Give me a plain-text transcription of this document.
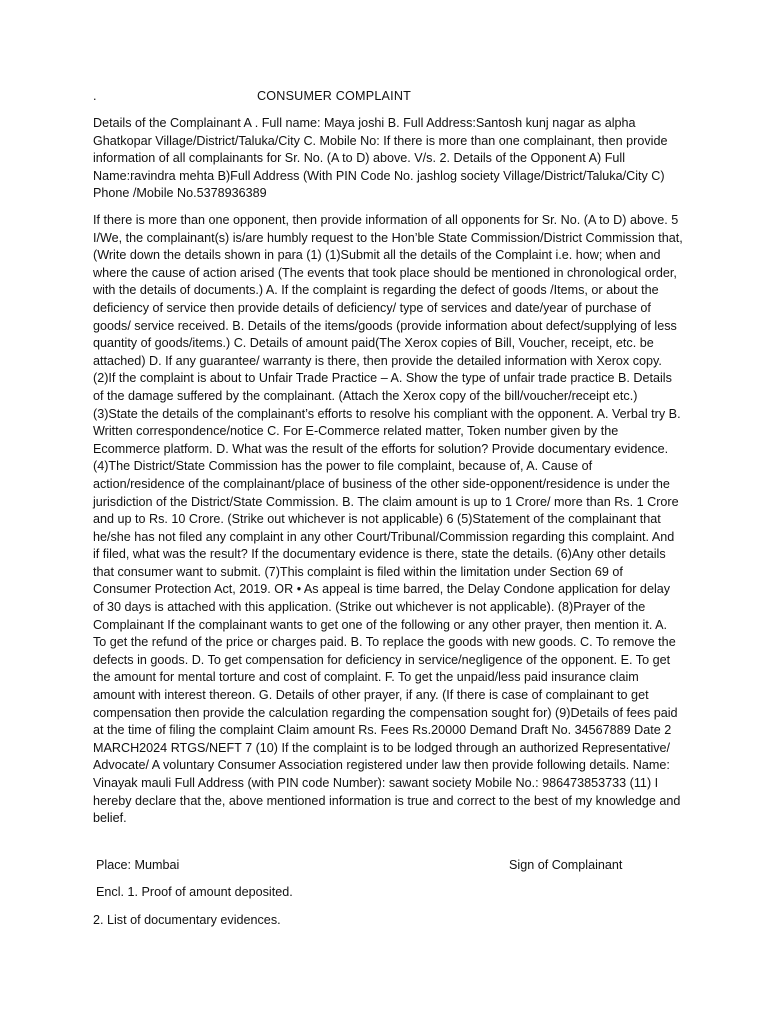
.	CONSUMER COMPLAINT

Details of the Complainant A . Full name: Maya joshi B. Full Address:Santosh kunj nagar as alpha Ghatkopar Village/District/Taluka/City C. Mobile No: If there is more than one complainant, then provide information of all complainants for Sr. No. (A to D) above. V/s. 2. Details of the Opponent A) Full Name:ravindra mehta B)Full Address (With PIN Code No. jashlog society Village/District/Taluka/City C) Phone /Mobile No.5378936389

If there is more than one opponent, then provide information of all opponents for Sr. No. (A to D) above. 5 I/We, the complainant(s) is/are humbly request to the Hon’ble State Commission/District Commission that, (Write down the details shown in para (1) (1)Submit all the details of the Complaint i.e. how; when and where the cause of action arised (The events that took place should be mentioned in chronological order, with the details of documents.) A. If the complaint is regarding the defect of goods /Items, or about the deficiency of service then provide details of deficiency/ type of services and date/year of purchase of goods/ service received. B. Details of the items/goods (provide information about defect/supplying of less quantity of goods/items.) C. Details of amount paid(The Xerox copies of Bill, Voucher, receipt, etc. be attached) D. If any guarantee/ warranty is there, then provide the detailed information with Xerox copy. (2)If the complaint is about to Unfair Trade Practice – A. Show the type of unfair trade practice B. Details of the damage suffered by the complainant. (Attach the Xerox copy of the bill/voucher/receipt etc.) (3)State the details of the complainant’s efforts to resolve his compliant with the opponent. A. Verbal try B. Written correspondence/notice C. For E-Commerce related matter, Token number given by the Ecommerce platform. D. What was the result of the efforts for solution? Provide documentary evidence. (4)The District/State Commission has the power to file complaint, because of, A. Cause of action/residence of the complainant/place of business of the other side-opponent/residence is under the jurisdiction of the District/State Commission. B. The claim amount is up to 1 Crore/ more than Rs. 1 Crore and up to Rs. 10 Crore. (Strike out whichever is not applicable) 6 (5)Statement of the complainant that he/she has not filed any complaint in any other Court/Tribunal/Commission regarding this complaint. And if filed, what was the result? If the documentary evidence is there, state the details. (6)Any other details that consumer want to submit. (7)This complaint is filed within the limitation under Section 69 of Consumer Protection Act, 2019. OR • As appeal is time barred, the Delay Condone application for delay of 30 days is attached with this application. (Strike out whichever is not applicable). (8)Prayer of the Complainant If the complainant wants to get one of the following or any other prayer, then mention it. A. To get the refund of the price or charges paid. B. To replace the goods with new goods. C. To remove the defects in goods. D. To get compensation for deficiency in service/negligence of the opponent. E. To get the amount for mental torture and cost of complaint. F. To get the unpaid/less paid insurance claim amount with interest thereon. G. Details of other prayer, if any. (If there is case of complainant to get compensation then provide the calculation regarding the compensation sought for) (9)Details of fees paid at the time of filing the complaint Claim amount Rs. Fees Rs.20000 Demand Draft No. 34567889 Date 2 MARCH2024 RTGS/NEFT 7 (10) If the complaint is to be lodged through an authorized Representative/ Advocate/ A voluntary Consumer Association registered under law then provide following details. Name: Vinayak mauli Full Address (with PIN code Number): sawant society Mobile No.: 986473853733 (11) I hereby declare that the, above mentioned information is true and correct to the best of my knowledge and belief.

Place: Mumbai	Sign of Complainant
Encl. 1. Proof of amount deposited.
2. List of documentary evidences.
